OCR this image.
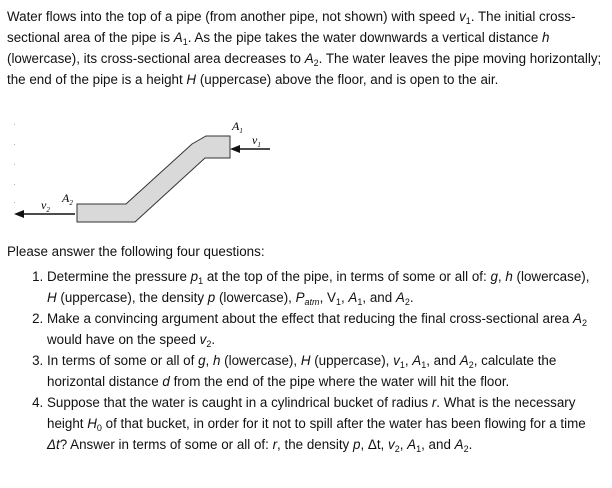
Water flows into the top of a pipe (from another pipe, not shown) with speed $v_1$. The initial cross-sectional area of the pipe is $A_1$. As the pipe takes the water downwards a vertical distance h (lowercase), its cross-sectional area decreases to $A_2$. The water leaves the pipe moving horizontally; the end of the pipe is a height H (uppercase) above the floor, and is open to the air.

$A_1$
$v_1$
$A_2$
$v_2$

Please answer the following four questions:

1. Determine the pressure $p_1$ at the top of the pipe, in terms of some or all of: g, h (lowercase), H (uppercase), the density p (lowercase), $P_{atm}$, $V_1$, $A_1$, and $A_2$.
2. Make a convincing argument about the effect that reducing the final cross-sectional area $A_2$ would have on the speed $v_2$.
3. In terms of some or all of g, h (lowercase), H (uppercase), $v_1$, $A_1$, and $A_2$, calculate the horizontal distance d from the end of the pipe where the water will hit the floor.
4. Suppose that the water is caught in a cylindrical bucket of radius r. What is the necessary height $H_0$ of that bucket, in order for it not to spill after the water has been flowing for a time Δt? Answer in terms of some or all of: r, the density p, Δt, $v_2$, $A_1$, and $A_2$.
